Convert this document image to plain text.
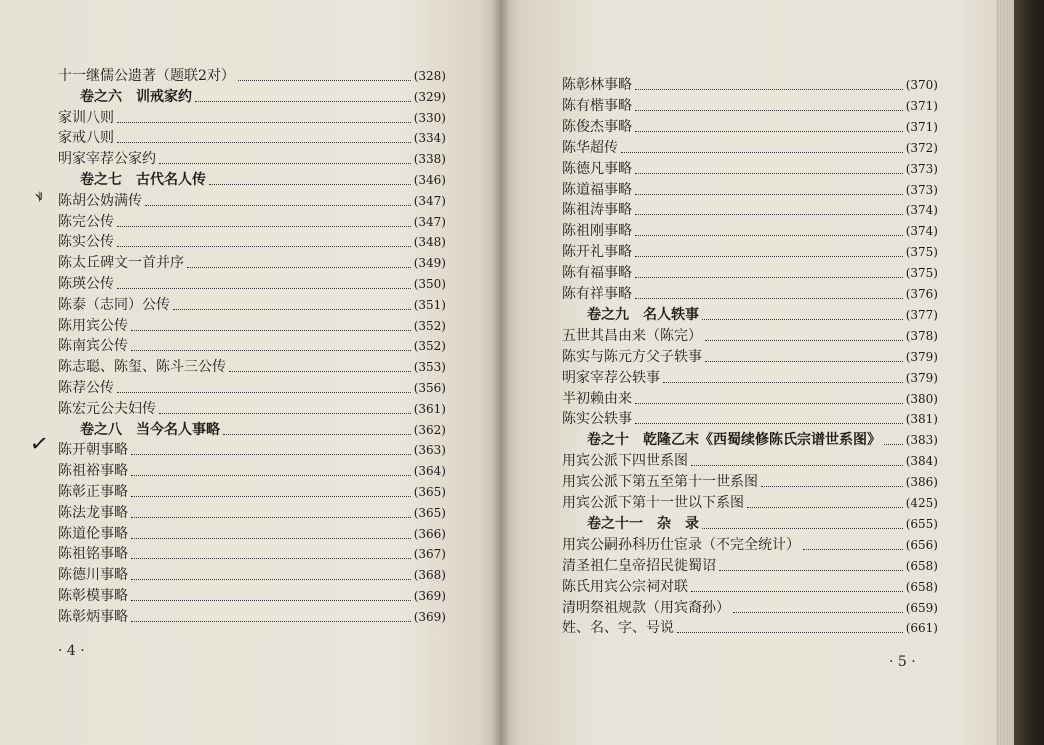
ꝟ
✓
十一继儒公遗著（题联2对）	(328)
卷之六　训戒家约	(329)
家训八则	(330)
家戒八则	(334)
明家宰荐公家约	(338)
卷之七　古代名人传	(346)
陈胡公妫满传	(347)
陈完公传	(347)
陈实公传	(348)
陈太丘碑文一首并序	(349)
陈瑛公传	(350)
陈泰（志同）公传	(351)
陈用宾公传	(352)
陈南宾公传	(352)
陈志聪、陈玺、陈斗三公传	(353)
陈荐公传	(356)
陈宏元公夫妇传	(361)
卷之八　当今名人事略	(362)
陈开朝事略	(363)
陈祖裕事略	(364)
陈彰正事略	(365)
陈法龙事略	(365)
陈道伦事略	(366)
陈祖铭事略	(367)
陈德川事略	(368)
陈彰模事略	(369)
陈彰炳事略	(369)
· 4 ·
陈彰林事略	(370)
陈有楷事略	(371)
陈俊杰事略	(371)
陈华超传	(372)
陈德凡事略	(373)
陈道福事略	(373)
陈祖涛事略	(374)
陈祖刚事略	(374)
陈开礼事略	(375)
陈有福事略	(375)
陈有祥事略	(376)
卷之九　名人轶事	(377)
五世其昌由来（陈完）	(378)
陈实与陈元方父子轶事	(379)
明家宰荐公轶事	(379)
半初赖由来	(380)
陈实公轶事	(381)
卷之十　乾隆乙末《西蜀续修陈氏宗谱世系图》 (383)
用宾公派下四世系图	(384)
用宾公派下第五至第十一世系图	(386)
用宾公派下第十一世以下系图	(425)
卷之十一　杂　录	(655)
用宾公嗣孙科历仕宦录（不完全统计）	(656)
清圣祖仁皇帝招民徙蜀诏	(658)
陈氏用宾公宗祠对联	(658)
清明祭祖规款（用宾裔孙）	(659)
姓、名、字、号说	(661)
· 5 ·
